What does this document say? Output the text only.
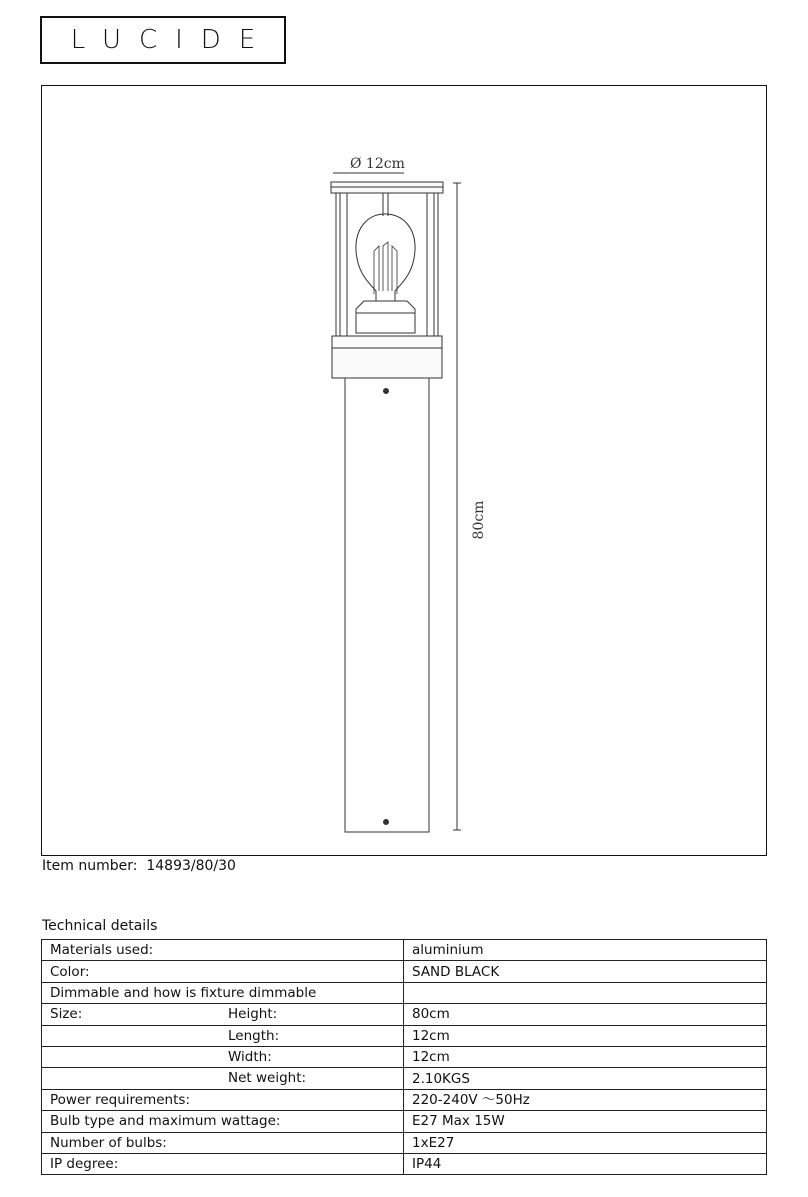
LUCIDE
Ø 12cm
80cm
Item number: 14893/80/30
Technical details
Materials used:	aluminium
Color:	SAND BLACK
Dimmable and how is fixture dimmable	
Size: Height:	80cm

Length:	12cm

Width:	12cm

Net weight:	2.10KGS
Power requirements:	220-240V ～50Hz
Bulb type and maximum wattage:	E27 Max 15W
Number of bulbs:	1xE27
IP degree:	IP44
